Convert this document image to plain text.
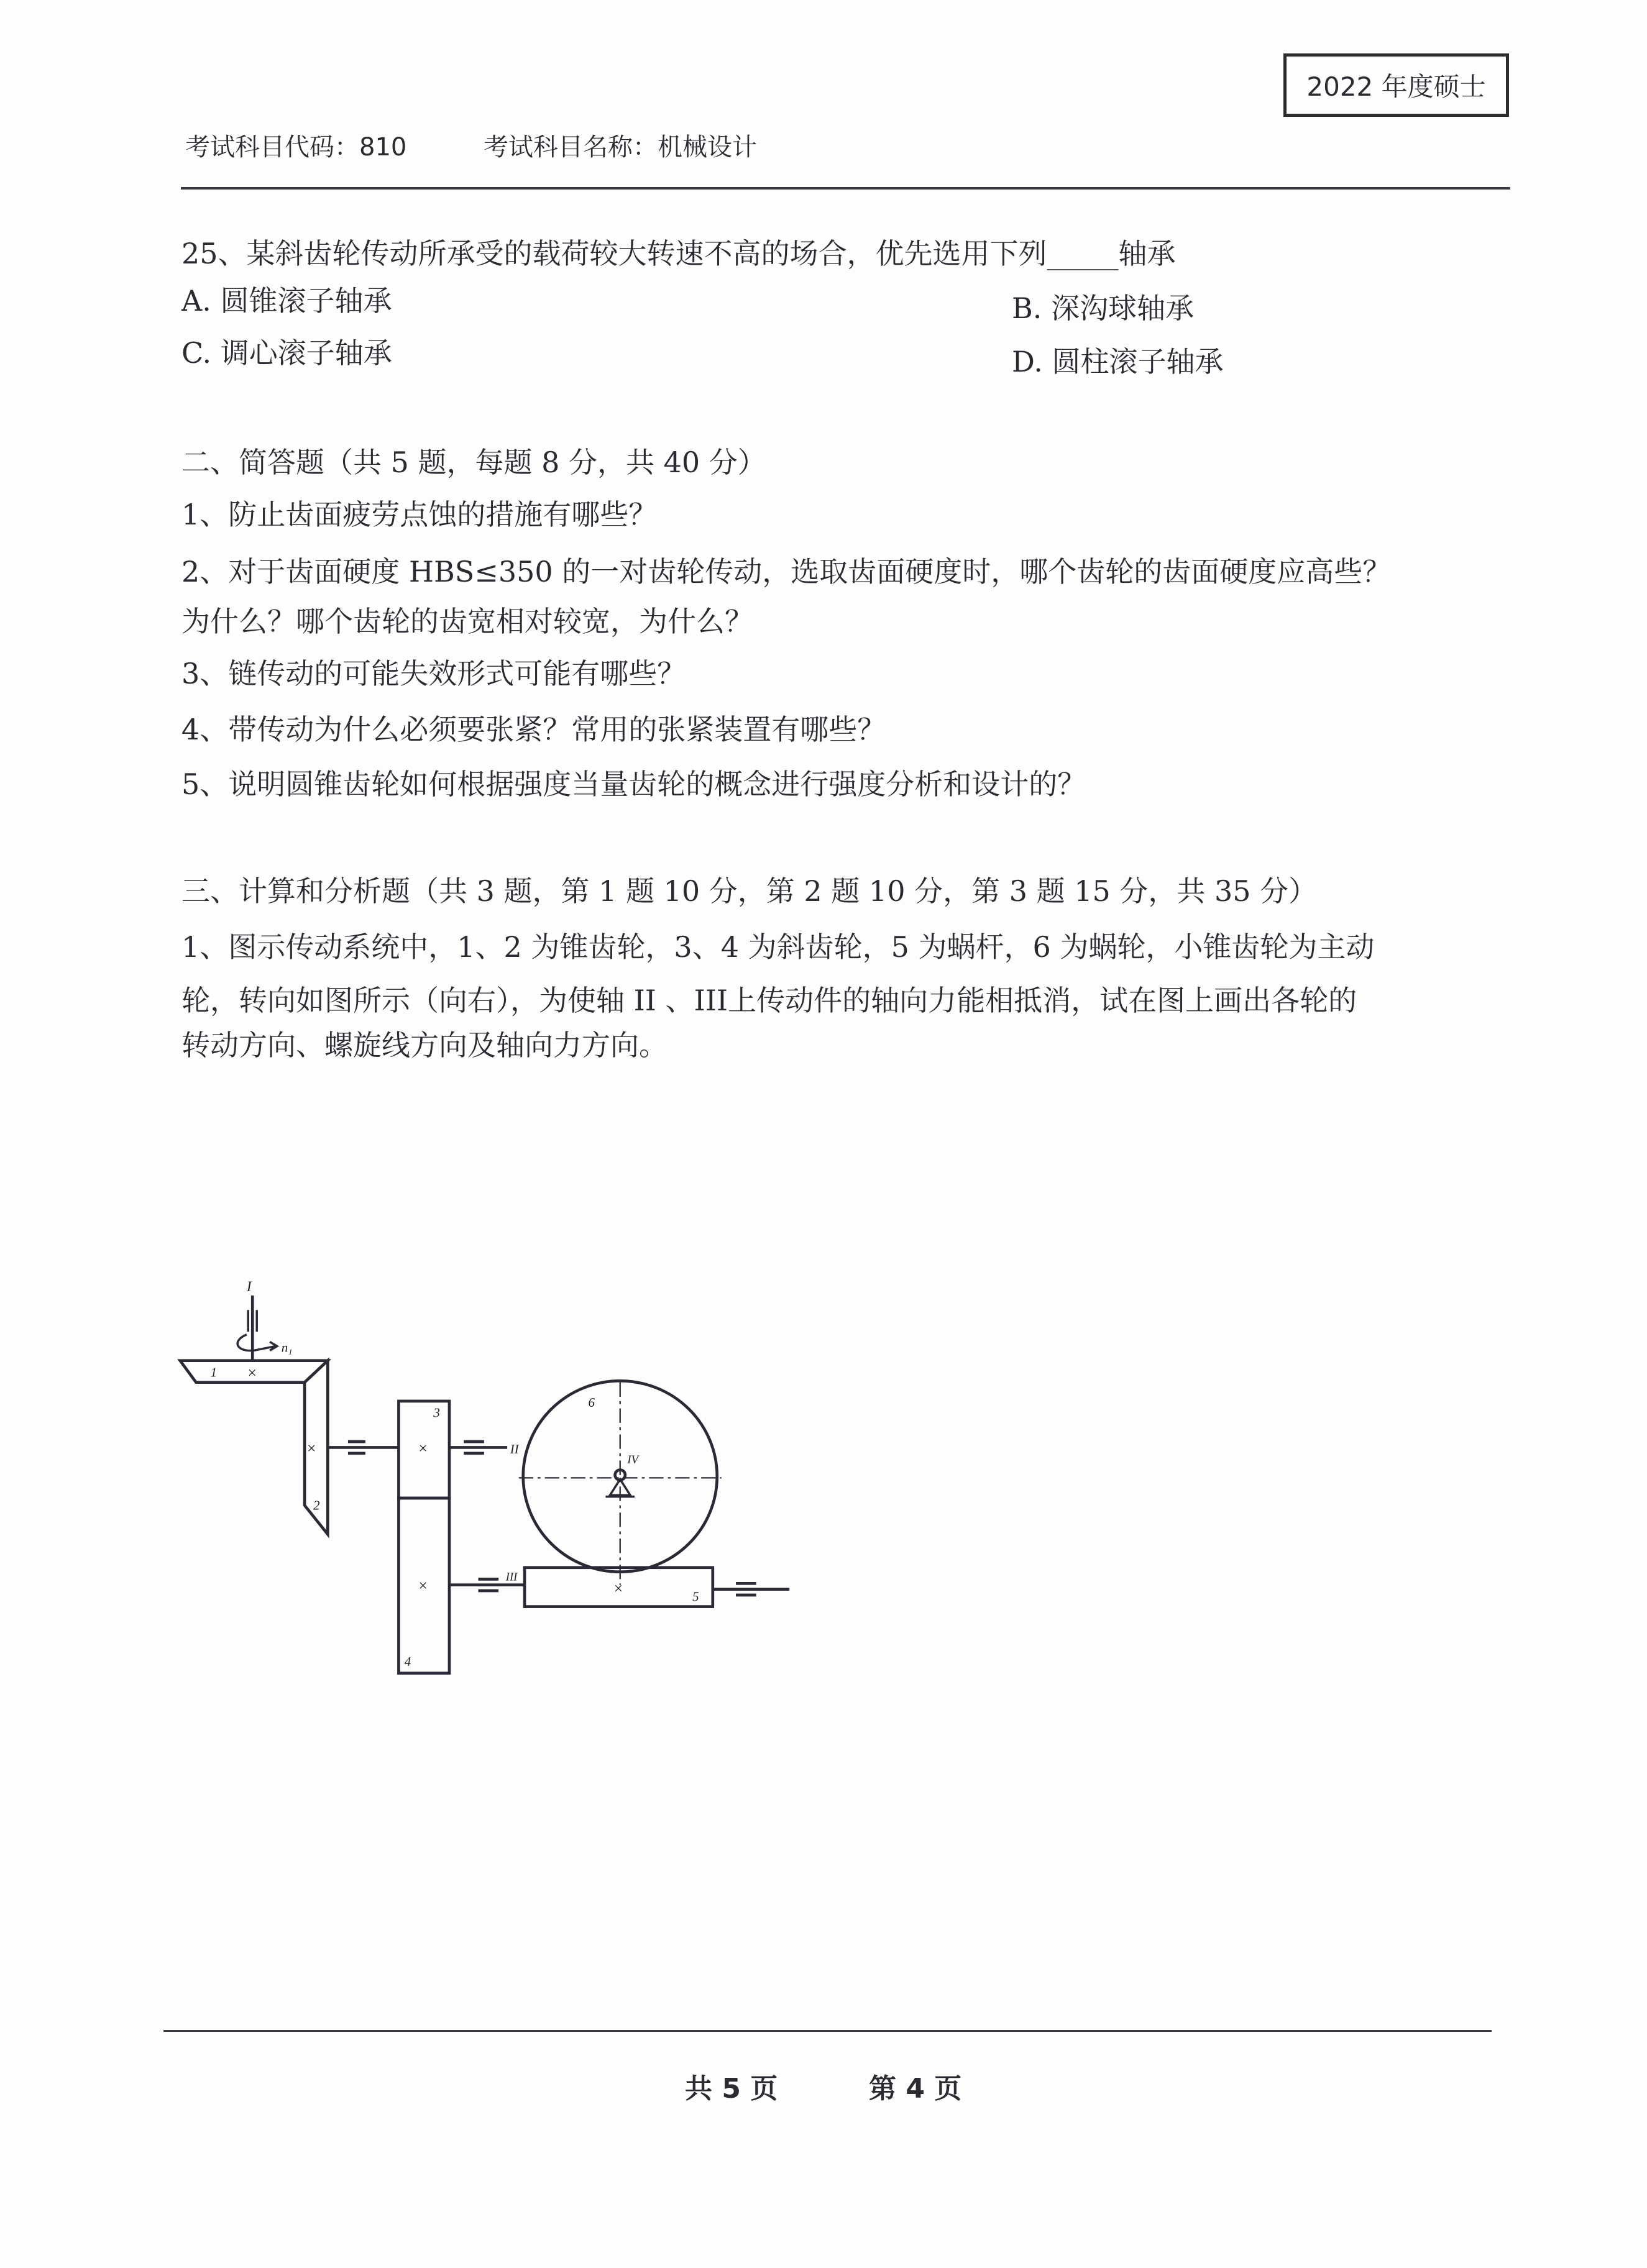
2022 年度硕士
考试科目代码：810	考试科目名称：机械设计
25、某斜齿轮传动所承受的载荷较大转速不高的场合，优先选用下列_____轴承
A. 圆锥滚子轴承	B. 深沟球轴承
C. 调心滚子轴承	D. 圆柱滚子轴承
二、简答题（共 5 题，每题 8 分，共 40 分）
1、防止齿面疲劳点蚀的措施有哪些？
2、对于齿面硬度 HBS≤350 的一对齿轮传动，选取齿面硬度时，哪个齿轮的齿面硬度应高些？
为什么？哪个齿轮的齿宽相对较宽，为什么？
3、链传动的可能失效形式可能有哪些？
4、带传动为什么必须要张紧？常用的张紧装置有哪些？
5、说明圆锥齿轮如何根据强度当量齿轮的概念进行强度分析和设计的？
三、计算和分析题（共 3 题，第 1 题 10 分，第 2 题 10 分，第 3 题 15 分，共 35 分）
1、图示传动系统中，1、2 为锥齿轮，3、4 为斜齿轮，5 为蜗杆，6 为蜗轮，小锥齿轮为主动
轮，转向如图所示（向右），为使轴 II 、III上传动件的轴向力能相抵消，试在图上画出各轮的
转动方向、螺旋线方向及轴向力方向。
I
n₁
1	×
2
×	II
3
×
4
×
6
IV
III
×	5
共 5 页	第 4 页
